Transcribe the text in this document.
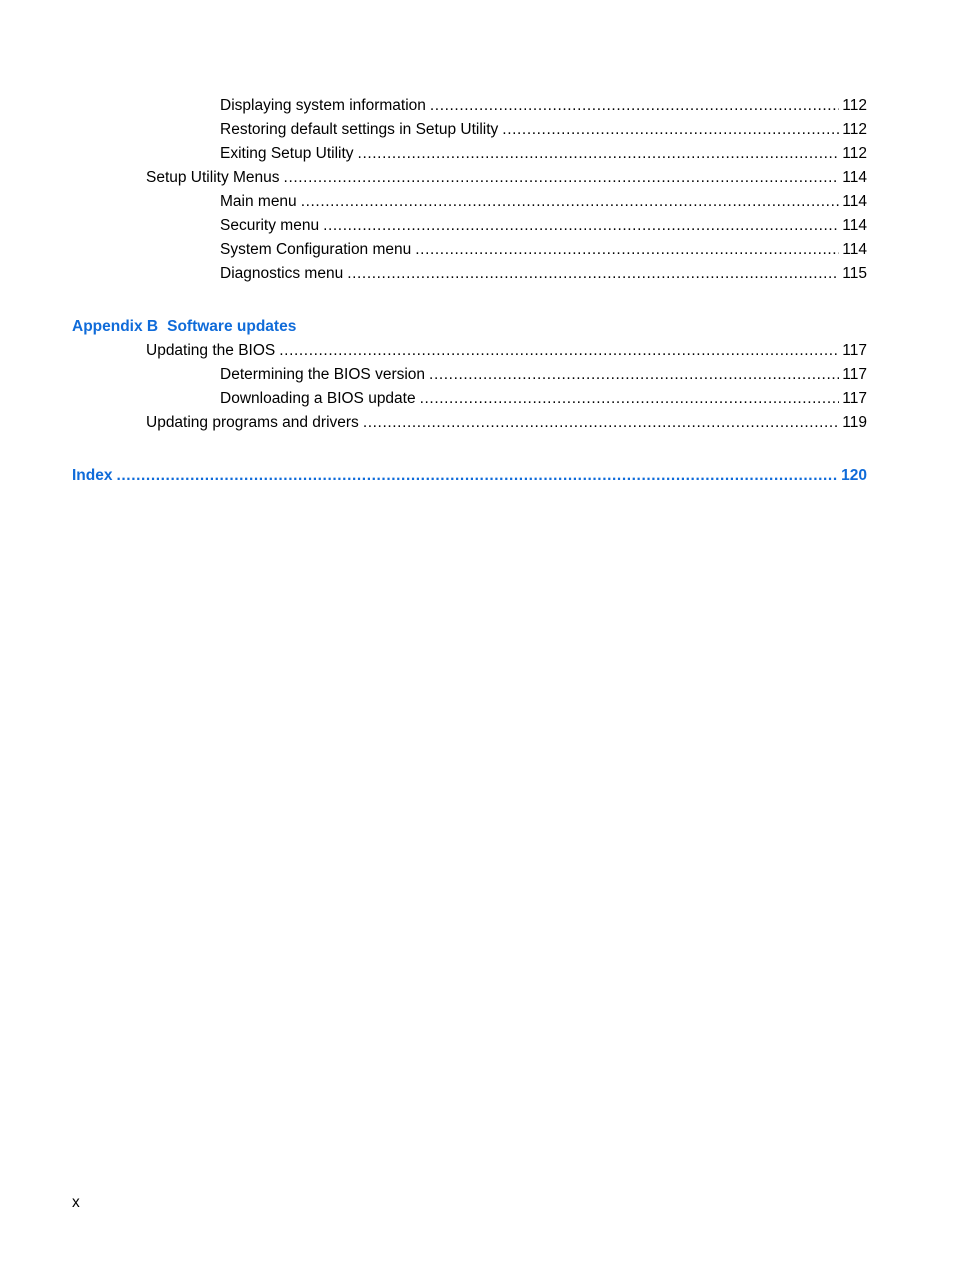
Displaying system information .....	112
Restoring default settings in Setup Utility .....	112
Exiting Setup Utility .....	112
Setup Utility Menus .....	114
Main menu .....	114
Security menu .....	114
System Configuration menu .....	114
Diagnostics menu .....	115
Appendix B Software updates
Updating the BIOS .....	117
Determining the BIOS version .....	117
Downloading a BIOS update .....	117
Updating programs and drivers .....	119
Index .....	120
x
